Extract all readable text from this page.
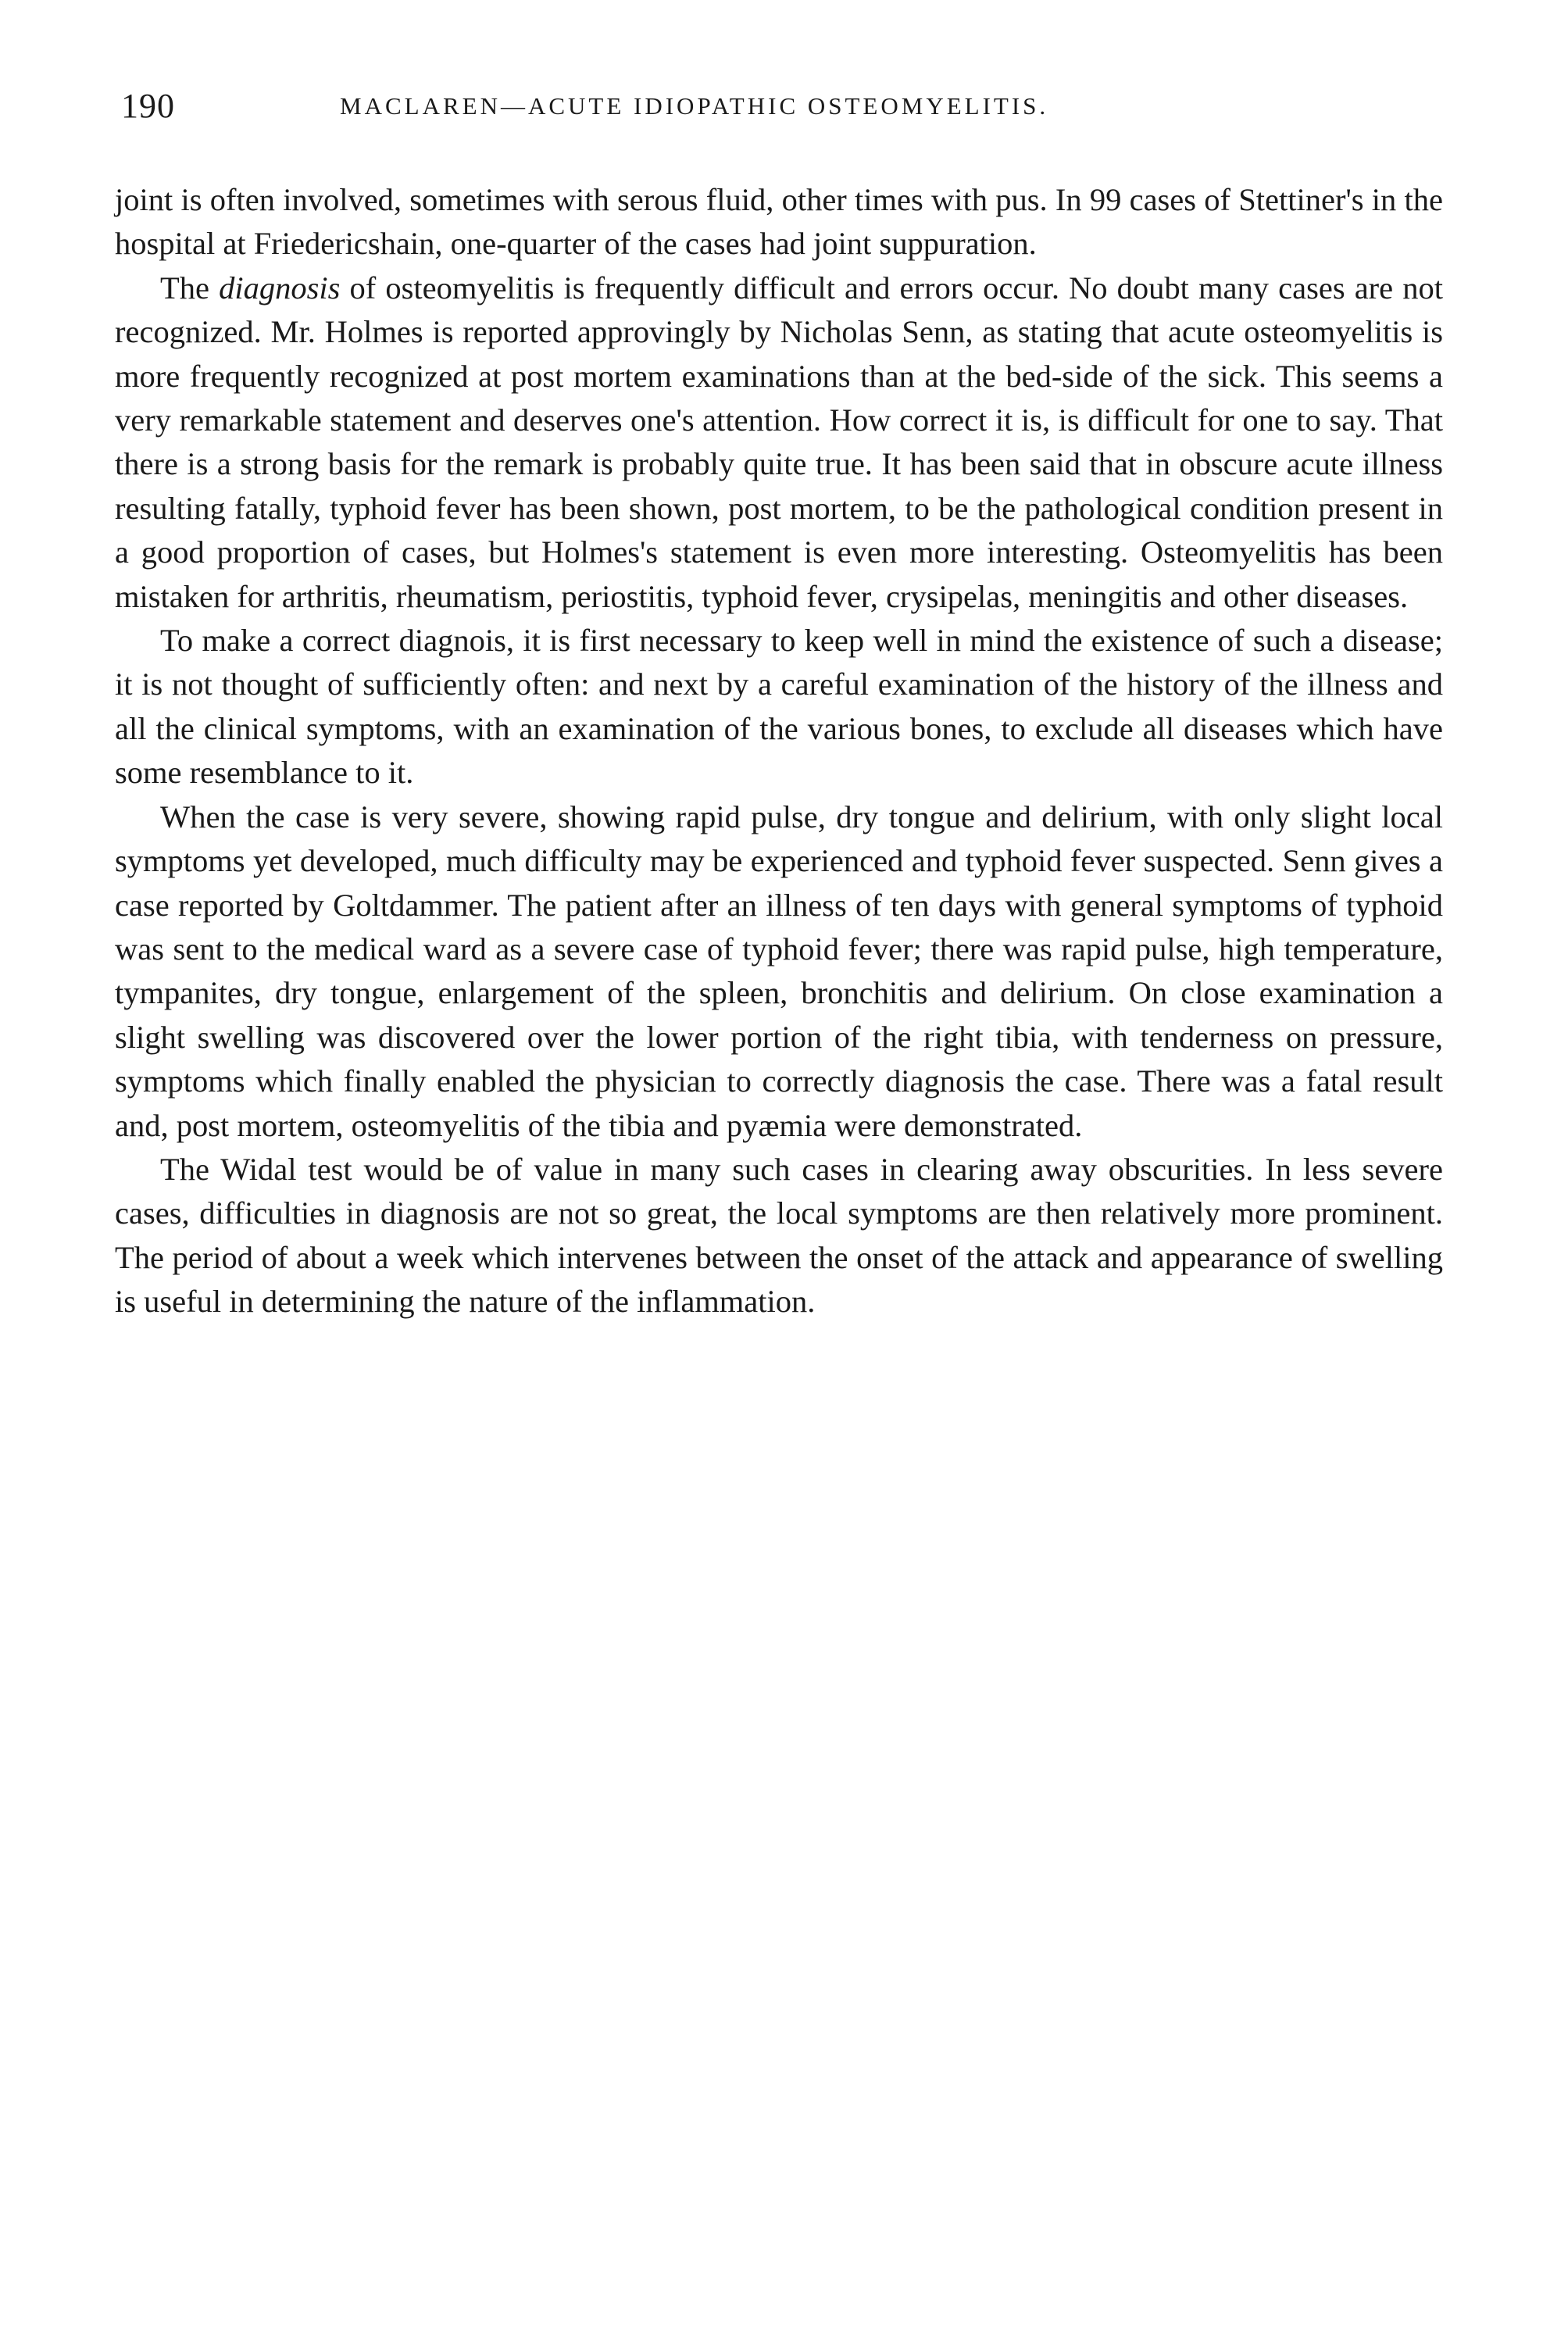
190	MACLAREN—ACUTE IDIOPATHIC OSTEOMYELITIS.

joint is often involved, sometimes with serous fluid, other times with pus. In 99 cases of Stettiner's in the hospital at Friedericshain, one-quarter of the cases had joint suppuration.

The diagnosis of osteomyelitis is frequently difficult and errors occur. No doubt many cases are not recognized. Mr. Holmes is reported approvingly by Nicholas Senn, as stating that acute osteomyelitis is more frequently recognized at post mortem examinations than at the bed-side of the sick. This seems a very remarkable statement and deserves one's attention. How correct it is, is difficult for one to say. That there is a strong basis for the remark is probably quite true. It has been said that in obscure acute illness resulting fatally, typhoid fever has been shown, post mortem, to be the pathological condition present in a good proportion of cases, but Holmes's statement is even more interesting. Osteomyelitis has been mistaken for arthritis, rheumatism, periostitis, typhoid fever, crysipelas, meningitis and other diseases.

To make a correct diagnois, it is first necessary to keep well in mind the existence of such a disease; it is not thought of sufficiently often: and next by a careful examination of the history of the illness and all the clinical symptoms, with an examination of the various bones, to exclude all diseases which have some resemblance to it.

When the case is very severe, showing rapid pulse, dry tongue and delirium, with only slight local symptoms yet developed, much difficulty may be experienced and typhoid fever suspected. Senn gives a case reported by Goltdammer. The patient after an illness of ten days with general symptoms of typhoid was sent to the medical ward as a severe case of typhoid fever; there was rapid pulse, high temperature, tympanites, dry tongue, enlargement of the spleen, bronchitis and delirium. On close examination a slight swelling was discovered over the lower portion of the right tibia, with tenderness on pressure, symptoms which finally enabled the physician to correctly diagnosis the case. There was a fatal result and, post mortem, osteomyelitis of the tibia and pyæmia were demonstrated.

The Widal test would be of value in many such cases in clearing away obscurities. In less severe cases, difficulties in diagnosis are not so great, the local symptoms are then relatively more prominent. The period of about a week which intervenes between the onset of the attack and appearance of swelling is useful in determining the nature of the inflammation.
